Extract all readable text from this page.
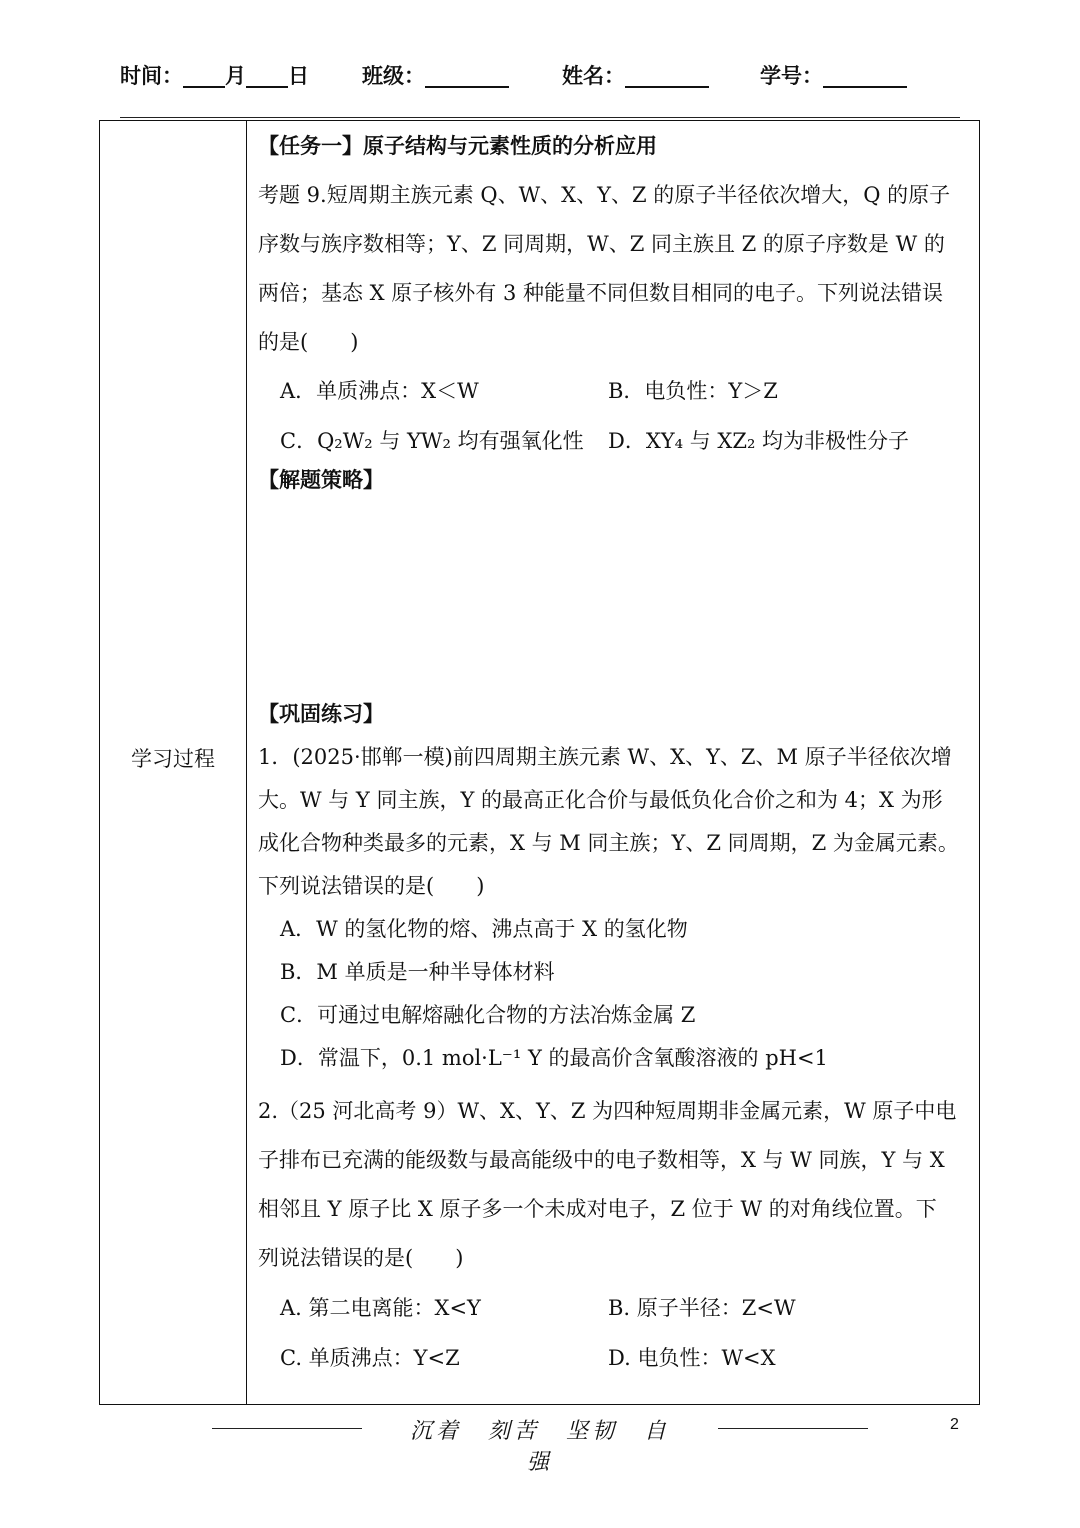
时间：____月____日	班级：________	姓名：________ 学号：________
学习过程
【任务一】原子结构与元素性质的分析应用
考题 9.短周期主族元素 Q、W、X、Y、Z 的原子半径依次增大，Q 的原子
序数与族序数相等；Y、Z 同周期，W、Z 同主族且 Z 的原子序数是 W 的
两倍；基态 X 原子核外有 3 种能量不同但数目相同的电子。下列说法错误
的是(　　)
A．单质沸点：X＜W	B．电负性：Y＞Z
C．Q₂W₂ 与 YW₂ 均有强氧化性 D．XY₄ 与 XZ₂ 均为非极性分子
【解题策略】
【巩固练习】
1．(2025·邯郸一模)前四周期主族元素 W、X、Y、Z、M 原子半径依次增
大。W 与 Y 同主族，Y 的最高正化合价与最低负化合价之和为 4；X 为形
成化合物种类最多的元素，X 与 M 同主族；Y、Z 同周期，Z 为金属元素。
下列说法错误的是(　　)
A．W 的氢化物的熔、沸点高于 X 的氢化物
B．M 单质是一种半导体材料
C．可通过电解熔融化合物的方法冶炼金属 Z
D．常温下，0.1 mol·L⁻¹ Y 的最高价含氧酸溶液的 pH<1
2.（25 河北高考 9）W、X、Y、Z 为四种短周期非金属元素，W 原子中电
子排布已充满的能级数与最高能级中的电子数相等，X 与 W 同族，Y 与 X
相邻且 Y 原子比 X 原子多一个未成对电子，Z 位于 W 的对角线位置。下
列说法错误的是(　　)
A. 第二电离能：X<Y	B. 原子半径：Z<W
C. 单质沸点：Y<Z	D. 电负性：W<X
沉着　刻苦　坚韧　自强
2
